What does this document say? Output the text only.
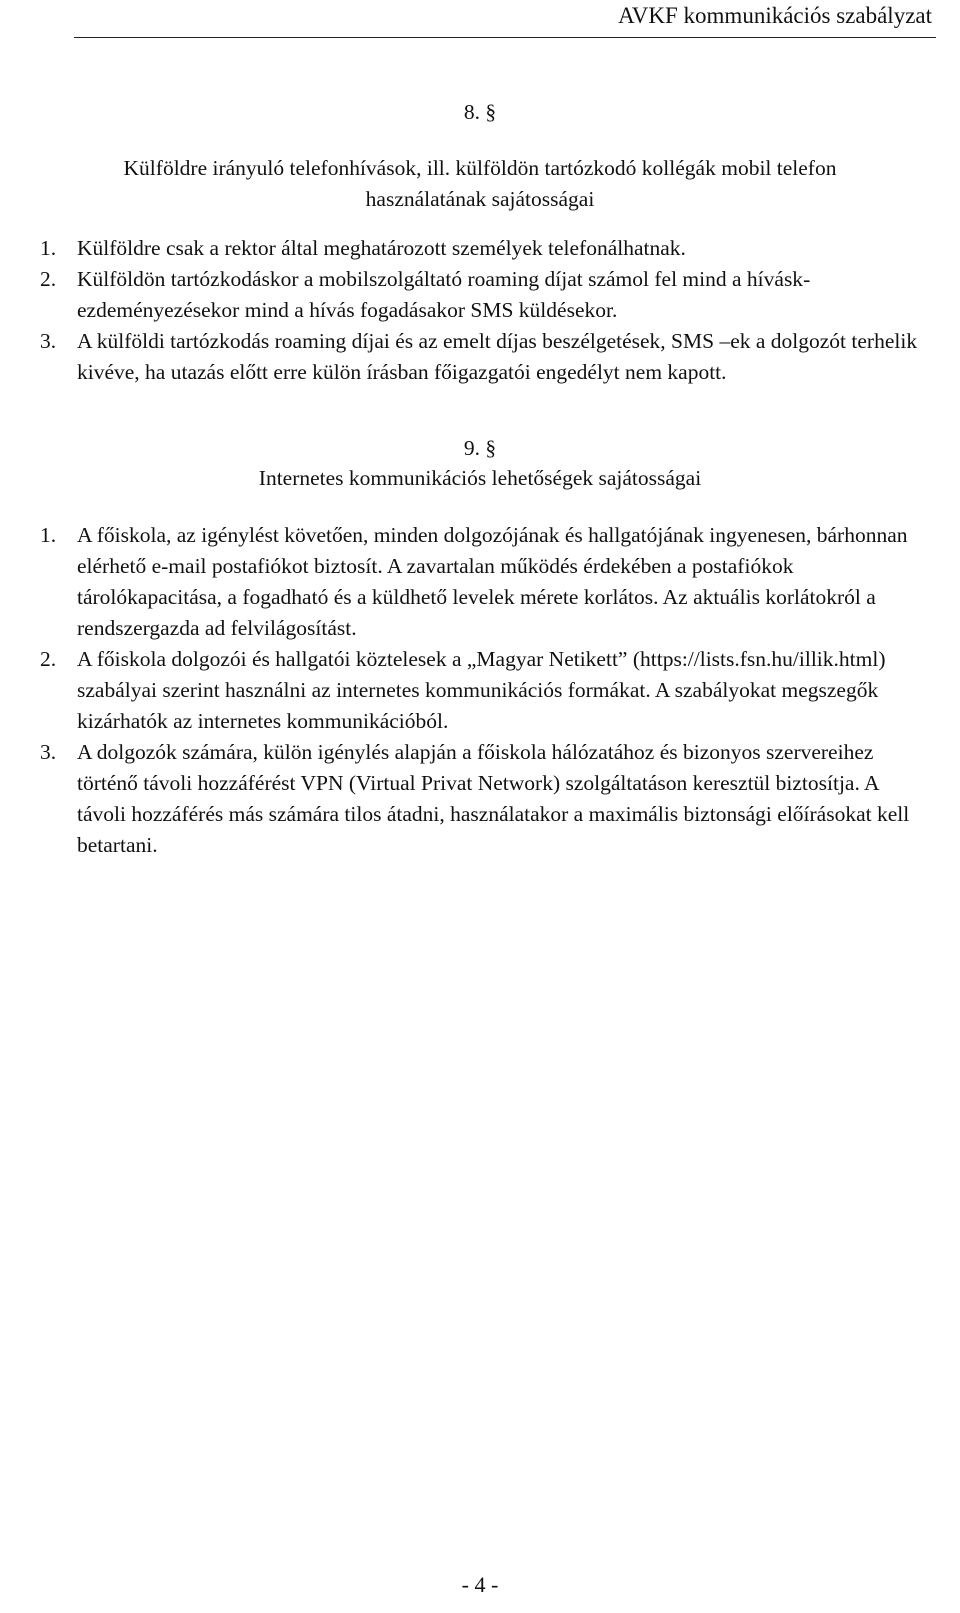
AVKF kommunikációs szabályzat
8. §
Külföldre irányuló telefonhívások, ill. külföldön tartózkodó kollégák mobil telefon
használatának sajátosságai
1. Külföldre csak a rektor által meghatározott személyek telefonálhatnak.
2. Külföldön tartózkodáskor a mobilszolgáltató roaming díjat számol fel mind a híváskezdeményezésekor mind a hívás fogadásakor SMS küldésekor.
3. A külföldi tartózkodás roaming díjai és az emelt díjas beszélgetések, SMS –ek a dolgozót terhelik kivéve, ha utazás előtt erre külön írásban főigazgatói engedélyt nem kapott.
9. §
Internetes kommunikációs lehetőségek sajátosságai
1. A főiskola, az igénylést követően, minden dolgozójának és hallgatójának ingyenesen, bárhonnan elérhető e-mail postafiókot biztosít. A zavartalan működés érdekében a postafiókok tárolókapacitása, a fogadható és a küldhető levelek mérete korlátos. Az aktuális korlátokról a rendszergazda ad felvilágosítást.
2. A főiskola dolgozói és hallgatói köztelesek a „Magyar Netikett” (https://lists.fsn.hu/illik.html) szabályai szerint használni az internetes kommunikációs formákat. A szabályokat megszegők kizárhatók az internetes kommunikációból.
3. A dolgozók számára, külön igénylés alapján a főiskola hálózatához és bizonyos szervereihez történő távoli hozzáférést VPN (Virtual Privat Network) szolgáltatáson keresztül biztosítja. A távoli hozzáférés más számára tilos átadni, használatakor a maximális biztonsági előírásokat kell betartani.
- 4 -
